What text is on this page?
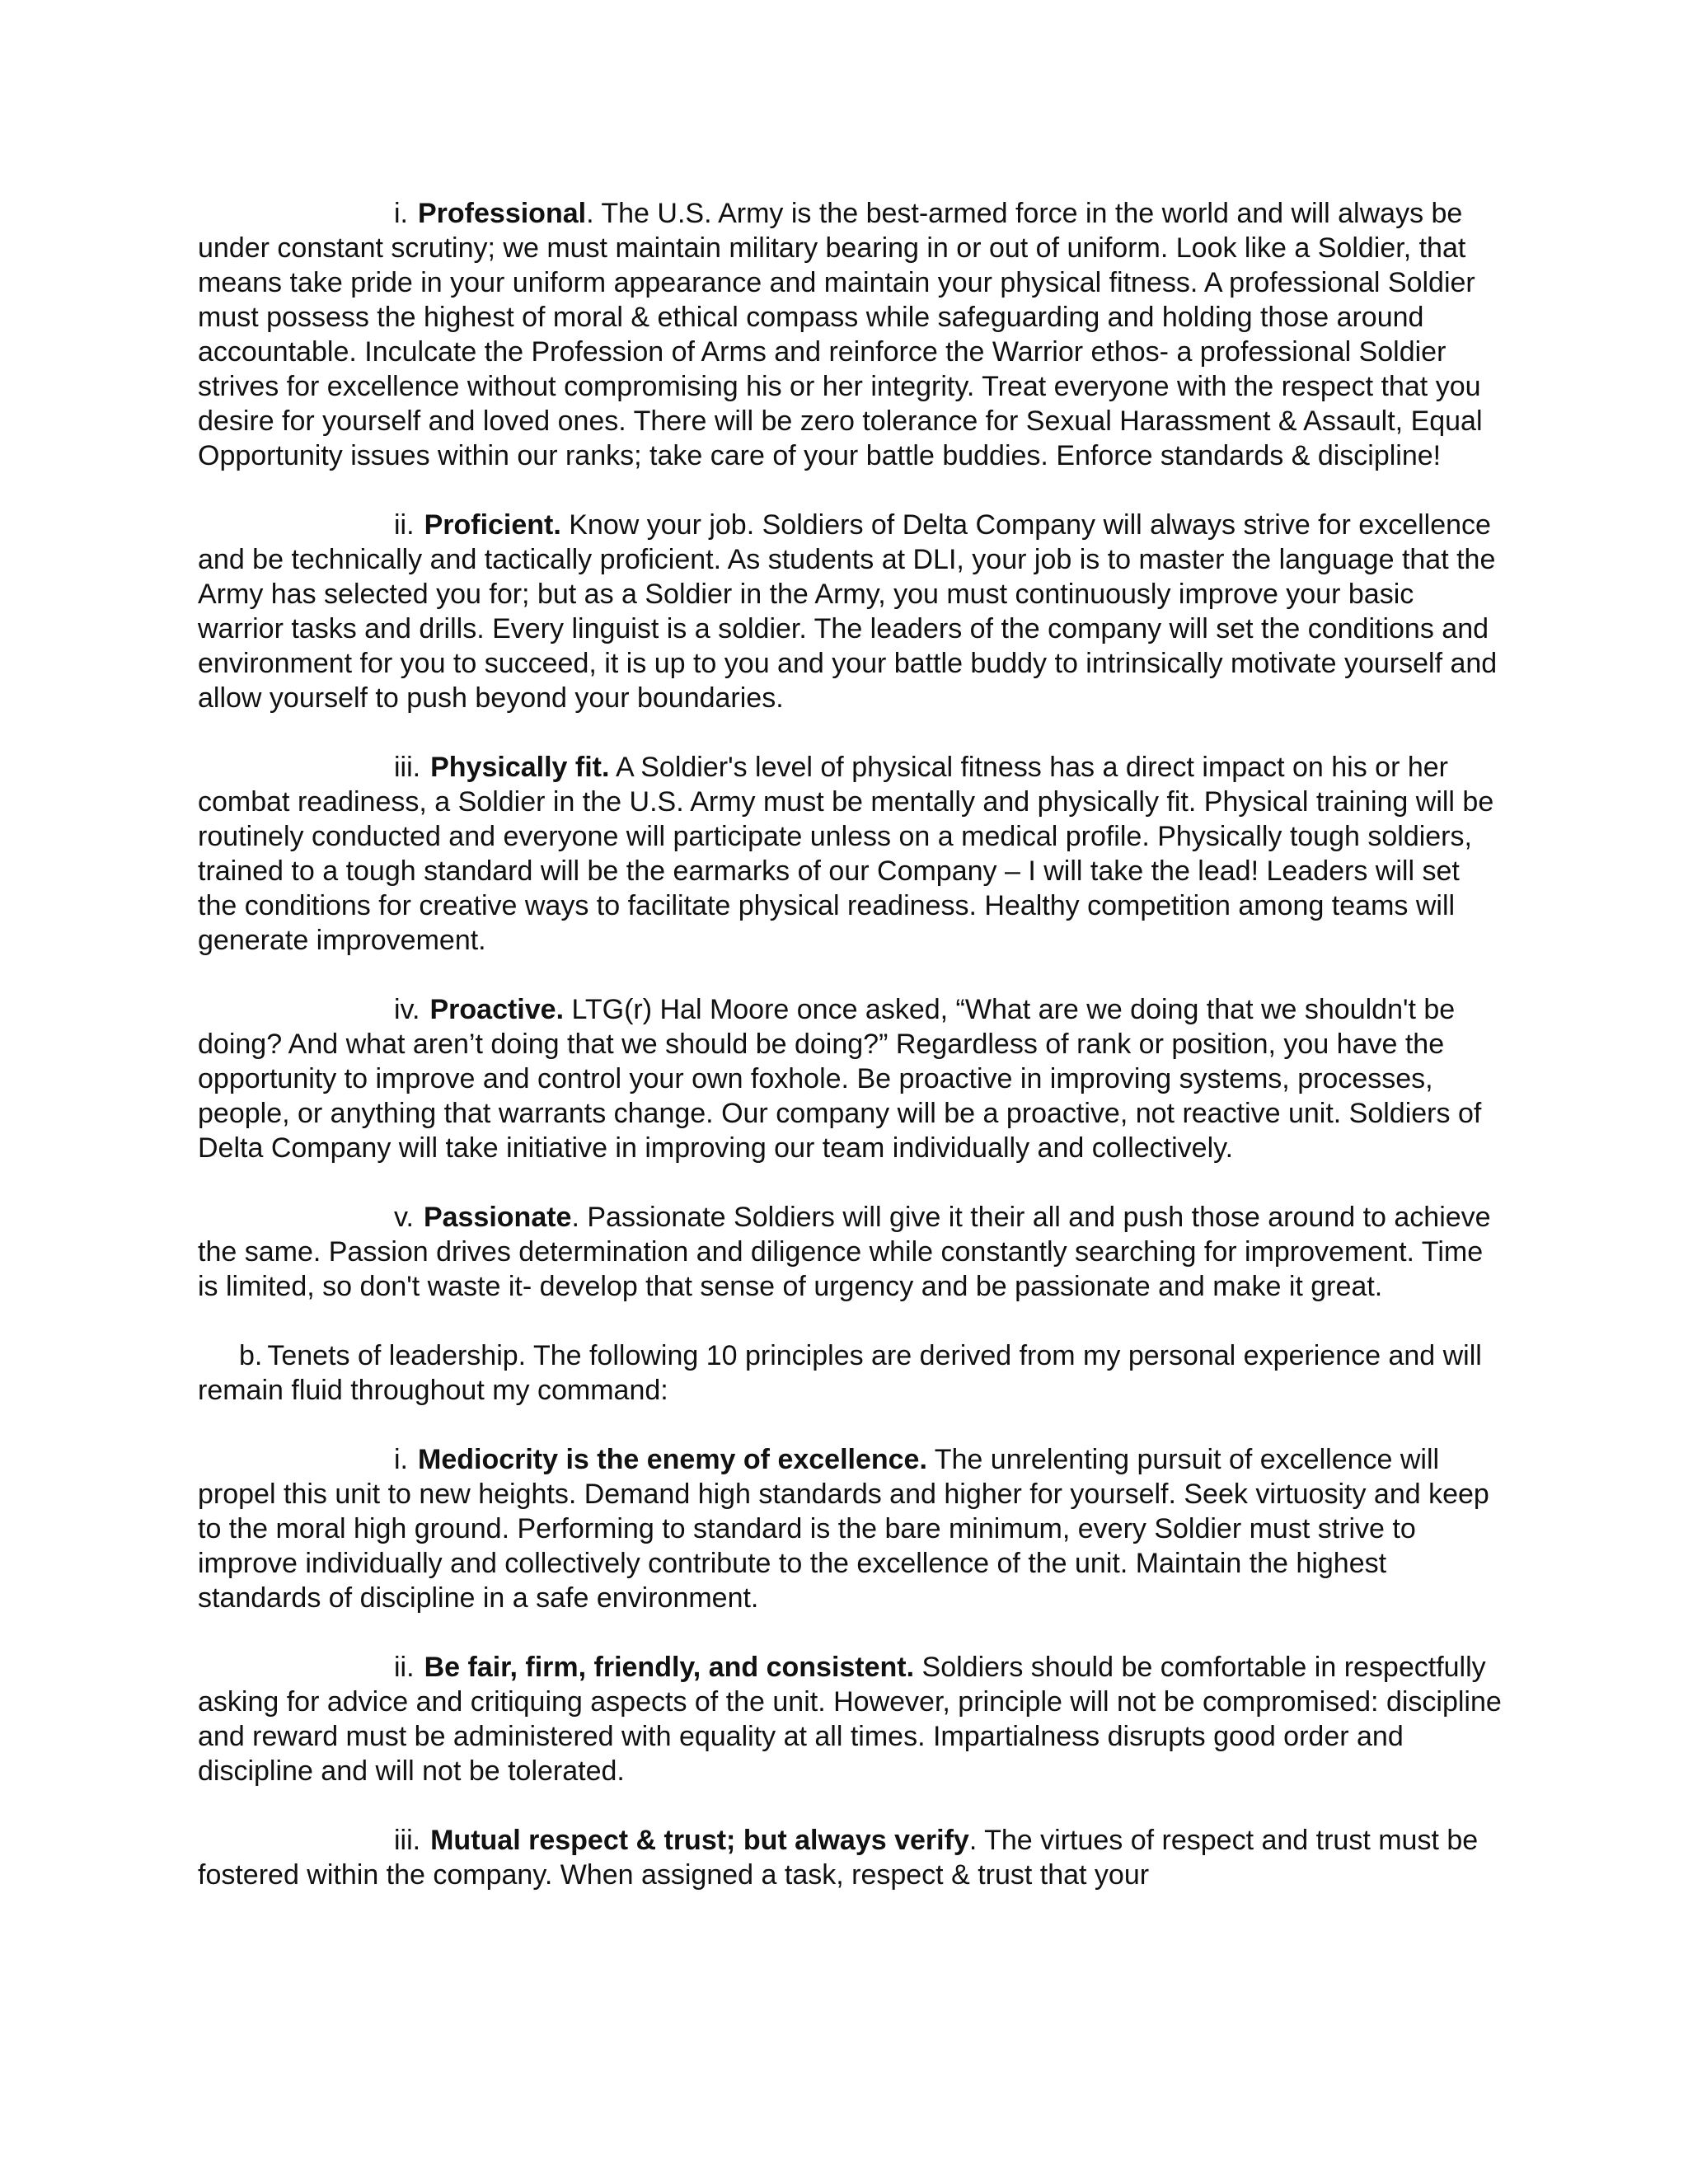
i. Professional. The U.S. Army is the best-armed force in the world and will always be under constant scrutiny; we must maintain military bearing in or out of uniform. Look like a Soldier, that means take pride in your uniform appearance and maintain your physical fitness. A professional Soldier must possess the highest of moral & ethical compass while safeguarding and holding those around accountable. Inculcate the Profession of Arms and reinforce the Warrior ethos- a professional Soldier strives for excellence without compromising his or her integrity. Treat everyone with the respect that you desire for yourself and loved ones. There will be zero tolerance for Sexual Harassment & Assault, Equal Opportunity issues within our ranks; take care of your battle buddies. Enforce standards & discipline!

ii. Proficient. Know your job. Soldiers of Delta Company will always strive for excellence and be technically and tactically proficient. As students at DLI, your job is to master the language that the Army has selected you for; but as a Soldier in the Army, you must continuously improve your basic warrior tasks and drills. Every linguist is a soldier. The leaders of the company will set the conditions and environment for you to succeed, it is up to you and your battle buddy to intrinsically motivate yourself and allow yourself to push beyond your boundaries.

iii. Physically fit. A Soldier's level of physical fitness has a direct impact on his or her combat readiness, a Soldier in the U.S. Army must be mentally and physically fit. Physical training will be routinely conducted and everyone will participate unless on a medical profile. Physically tough soldiers, trained to a tough standard will be the earmarks of our Company – I will take the lead! Leaders will set the conditions for creative ways to facilitate physical readiness. Healthy competition among teams will generate improvement.

iv. Proactive. LTG(r) Hal Moore once asked, “What are we doing that we shouldn't be doing? And what aren’t doing that we should be doing?” Regardless of rank or position, you have the opportunity to improve and control your own foxhole. Be proactive in improving systems, processes, people, or anything that warrants change. Our company will be a proactive, not reactive unit. Soldiers of Delta Company will take initiative in improving our team individually and collectively.

v. Passionate. Passionate Soldiers will give it their all and push those around to achieve the same. Passion drives determination and diligence while constantly searching for improvement. Time is limited, so don't waste it- develop that sense of urgency and be passionate and make it great.

b. Tenets of leadership. The following 10 principles are derived from my personal experience and will remain fluid throughout my command:

i. Mediocrity is the enemy of excellence. The unrelenting pursuit of excellence will propel this unit to new heights. Demand high standards and higher for yourself. Seek virtuosity and keep to the moral high ground. Performing to standard is the bare minimum, every Soldier must strive to improve individually and collectively contribute to the excellence of the unit. Maintain the highest standards of discipline in a safe environment.

ii. Be fair, firm, friendly, and consistent. Soldiers should be comfortable in respectfully asking for advice and critiquing aspects of the unit. However, principle will not be compromised: discipline and reward must be administered with equality at all times. Impartialness disrupts good order and discipline and will not be tolerated.

iii. Mutual respect & trust; but always verify. The virtues of respect and trust must be fostered within the company. When assigned a task, respect & trust that your
